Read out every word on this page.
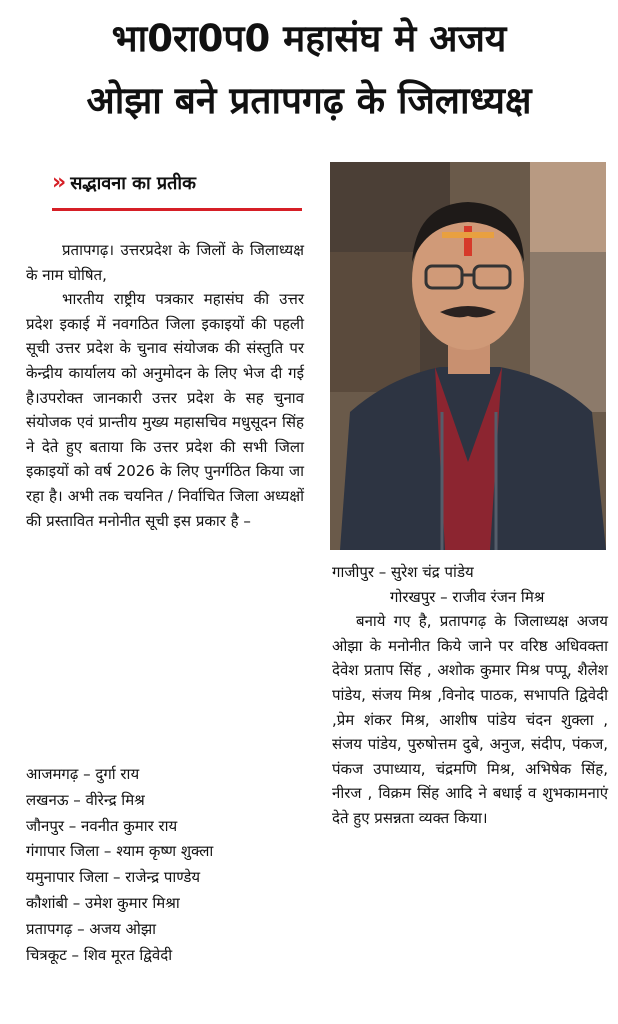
भा0रा0प0 महासंघ मे अजय
ओझा बने प्रतापगढ़ के जिलाध्यक्ष
» सद्भावना का प्रतीक

प्रतापगढ़। उत्तरप्रदेश के जिलों के जिलाध्यक्ष के नाम घोषित,

भारतीय राष्ट्रीय पत्रकार महासंघ की उत्तर प्रदेश इकाई में नवगठित जिला इकाइयों की पहली सूची उत्तर प्रदेश के चुनाव संयोजक की संस्तुति पर केन्द्रीय कार्यालय को अनुमोदन के लिए भेज दी गई है।उपरोक्त जानकारी उत्तर प्रदेश के सह चुनाव संयोजक एवं प्रान्तीय मुख्य महासचिव मधुसूदन सिंह ने देते हुए बताया कि उत्तर प्रदेश की सभी जिला इकाइयों को वर्ष 2026 के लिए पुनर्गठित किया जा रहा है। अभी तक चयनित / निर्वाचित जिला अध्यक्षों की प्रस्तावित मनोनीत सूची इस प्रकार है –

आजमगढ़ – दुर्गा राय
लखनऊ – वीरेन्द्र मिश्र
जौनपुर – नवनीत कुमार राय
गंगापार जिला – श्याम कृष्ण शुक्ला
यमुनापार जिला – राजेन्द्र पाण्डेय
कौशांबी – उमेश कुमार मिश्रा
प्रतापगढ़ – अजय ओझा
चित्रकूट – शिव मूरत द्विवेदी
गाजीपुर – सुरेश चंद्र पांडेय
गोरखपुर – राजीव रंजन मिश्र

बनाये गए है, प्रतापगढ़ के जिलाध्यक्ष अजय ओझा के मनोनीत किये जाने पर वरिष्ठ अधिवक्ता देवेश प्रताप सिंह , अशोक कुमार मिश्र पप्पू, शैलेश पांडेय, संजय मिश्र ,विनोद पाठक, सभापति द्विवेदी ,प्रेम शंकर मिश्र, आशीष पांडेय चंदन शुक्ला , संजय पांडेय, पुरुषोत्तम दुबे, अनुज, संदीप, पंकज, पंकज उपाध्याय, चंद्रमणि मिश्र, अभिषेक सिंह, नीरज , विक्रम सिंह आदि ने बधाई व शुभकामनाएं देते हुए प्रसन्नता व्यक्त किया।
